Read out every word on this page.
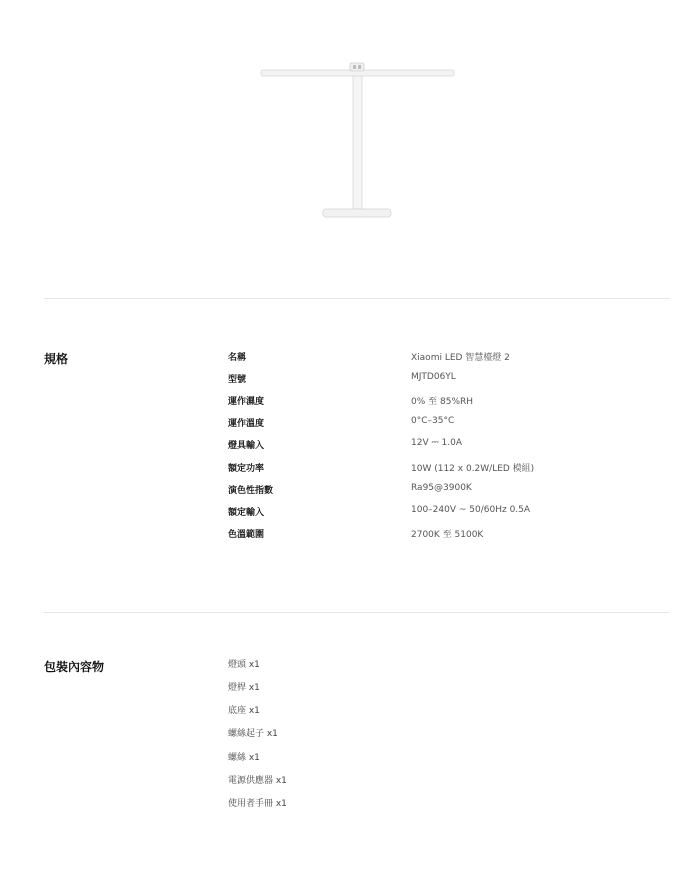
規格	名稱	Xiaomi LED 智慧檯燈 2
型號	MJTD06YL
運作濕度	0% 至 85%RH
運作溫度	0°C–35°C
燈具輸入	12V ⎓ 1.0A
額定功率	10W (112 x 0.2W/LED 模組)
演色性指數	Ra95@3900K
額定輸入	100–240V ~ 50/60Hz 0.5A
色溫範圍	2700K 至 5100K
包裝內容物	燈頭 x1
燈桿 x1
底座 x1
螺絲起子 x1
螺絲 x1
電源供應器 x1
使用者手冊 x1
